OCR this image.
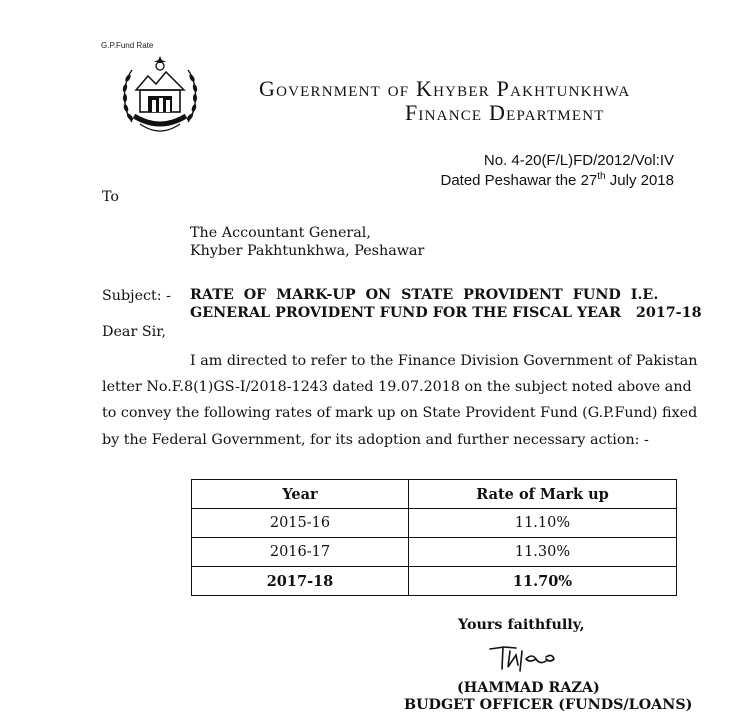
G.P.Fund Rate
Government of Khyber Pakhtunkhwa
Finance Department
No. 4-20(F/L)FD/2012/Vol:IV
Dated Peshawar the 27th July 2018
To
The Accountant General,
Khyber Pakhtunkhwa, Peshawar
Subject: - RATE OF MARK-UP ON STATE PROVIDENT FUND I.E.
GENERAL PROVIDENT FUND FOR THE FISCAL YEAR   2017-18
Dear Sir,
I am directed to refer to the Finance Division Government of Pakistan
letter No.F.8(1)GS-I/2018-1243 dated 19.07.2018 on the subject noted above and
to convey the following rates of mark up on State Provident Fund (G.P.Fund) fixed
by the Federal Government, for its adoption and further necessary action: -
Year	Rate of Mark up
2015-16	11.10%
2016-17	11.30%
2017-18	11.70%
Yours faithfully,
(HAMMAD RAZA)
BUDGET OFFICER (FUNDS/LOANS)
